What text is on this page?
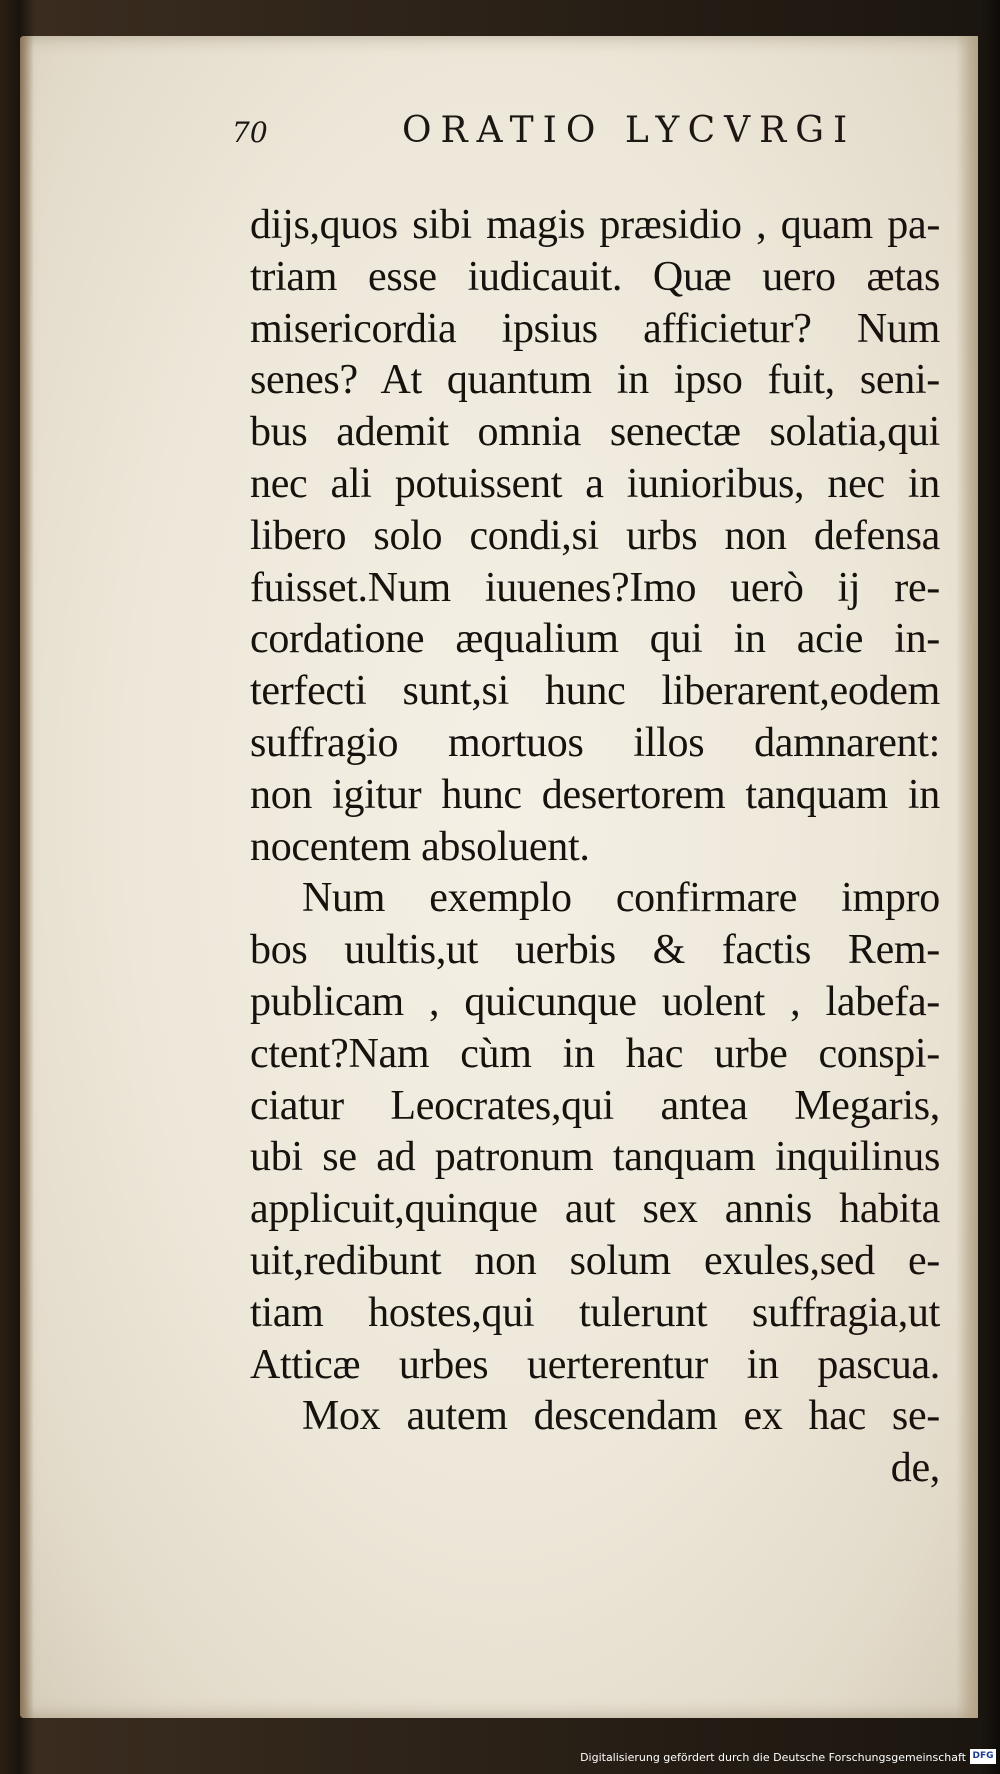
70	ORATIO LYCVRGI
dijs,quos sibi magis præsidio , quam pa-
triam esse iudicauit. Quæ uero ætas
misericordia ipsius afficietur? Num
senes? At quantum in ipso fuit, seni-
bus ademit omnia senectæ solatia,qui
nec ali potuissent a iunioribus, nec in
libero solo condi,si urbs non defensa
fuisset.Num iuuenes?Imo uerò ij re-
cordatione æqualium qui in acie in-
terfecti sunt,si hunc liberarent,eodem
suffragio mortuos illos damnarent:
non igitur hunc desertorem tanquam in
nocentem absoluent.
Num exemplo confirmare impro
bos uultis,ut uerbis & factis Rem-
publicam , quicunque uolent , labefa-
ctent?Nam cùm in hac urbe conspi-
ciatur Leocrates,qui antea Megaris,
ubi se ad patronum tanquam inquilinus
applicuit,quinque aut sex annis habita
uit,redibunt non solum exules,sed e-
tiam hostes,qui tulerunt suffragia,ut
Atticæ urbes uerterentur in pascua.
Mox autem descendam ex hac se-
de,
Digitalisierung gefördert durch die Deutsche Forschungsgemeinschaft DFG
